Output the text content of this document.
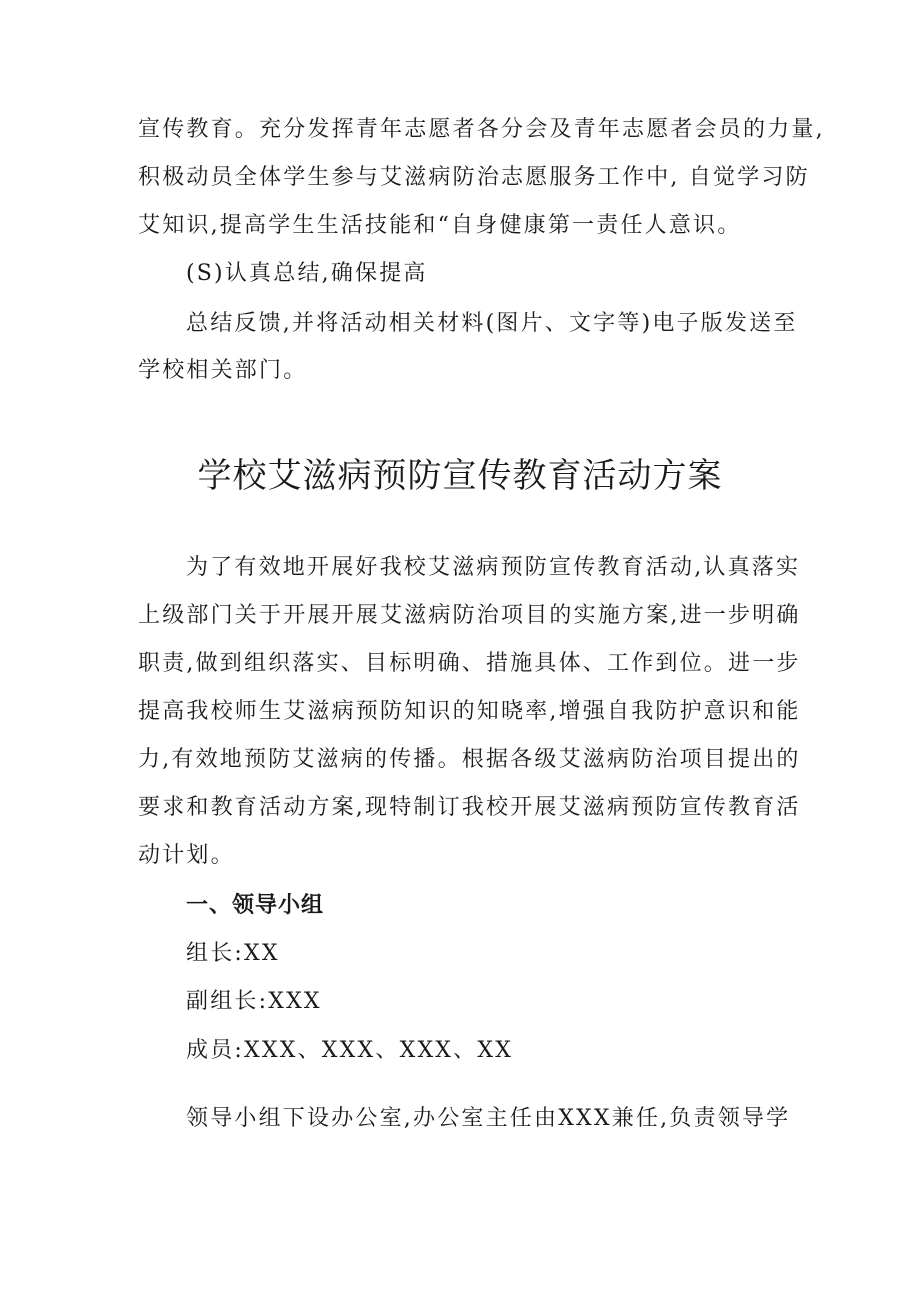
宣传教育。充分发挥青年志愿者各分会及青年志愿者会员的力量,
积极动员全体学生参与艾滋病防治志愿服务工作中, 自觉学习防
艾知识,提高学生生活技能和“自身健康第一责任人意识。
(S)认真总结,确保提高
总结反馈,并将活动相关材料(图片、文字等)电子版发送至
学校相关部门。
学校艾滋病预防宣传教育活动方案
为了有效地开展好我校艾滋病预防宣传教育活动,认真落实
上级部门关于开展开展艾滋病防治项目的实施方案,进一步明确
职责,做到组织落实、目标明确、措施具体、工作到位。进一步
提高我校师生艾滋病预防知识的知晓率,增强自我防护意识和能
力,有效地预防艾滋病的传播。根据各级艾滋病防治项目提出的
要求和教育活动方案,现特制订我校开展艾滋病预防宣传教育活
动计划。
一、领导小组
组长:XX
副组长:XXX
成员:XXX、XXX、XXX、XX
领导小组下设办公室,办公室主任由XXX兼任,负责领导学
